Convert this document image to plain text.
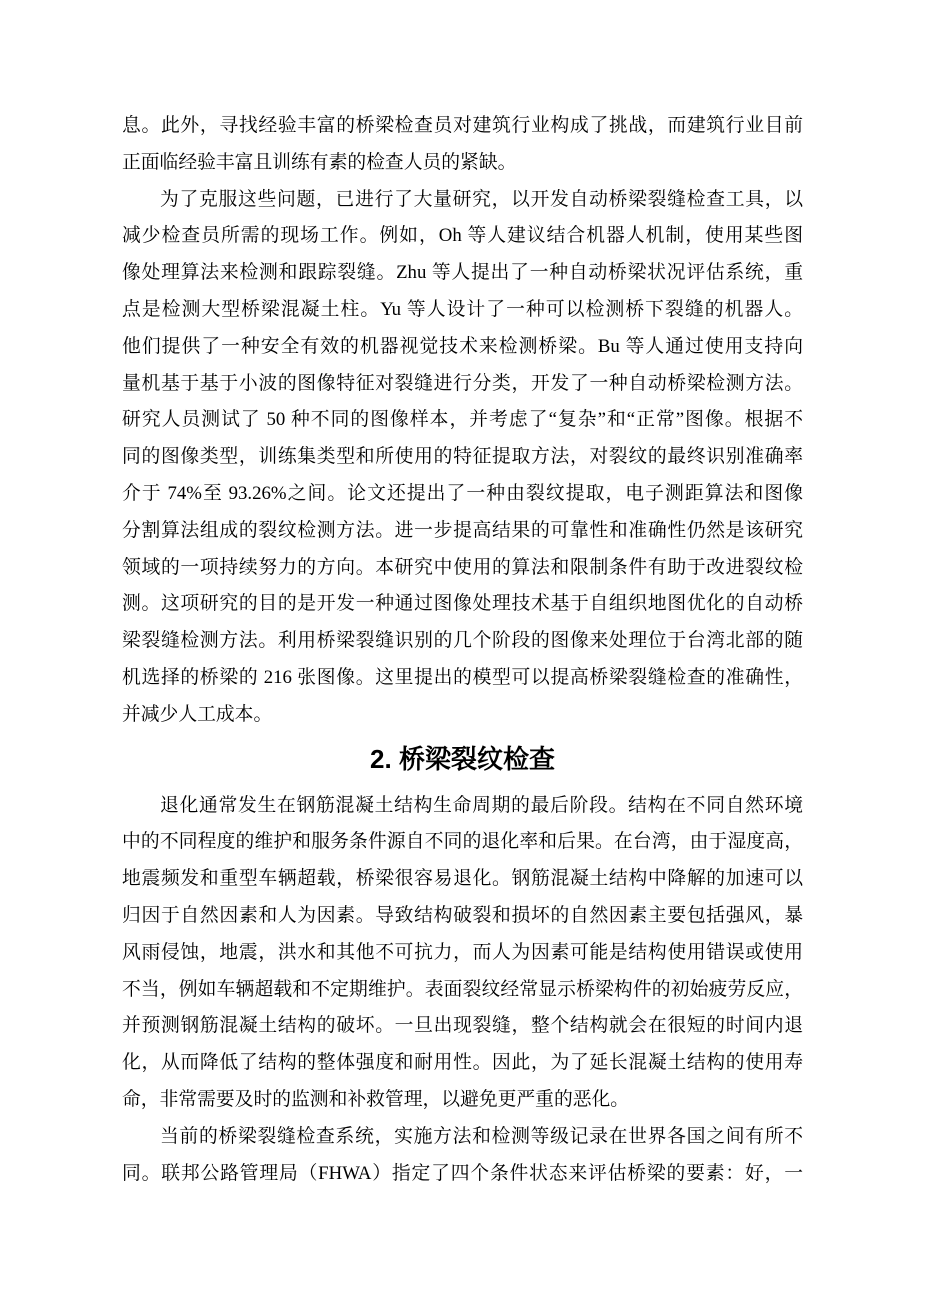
息。此外，寻找经验丰富的桥梁检查员对建筑行业构成了挑战，而建筑行业目前
正面临经验丰富且训练有素的检查人员的紧缺。
为了克服这些问题，已进行了大量研究，以开发自动桥梁裂缝检查工具，以
减少检查员所需的现场工作。例如，Oh 等人建议结合机器人机制，使用某些图
像处理算法来检测和跟踪裂缝。Zhu 等人提出了一种自动桥梁状况评估系统，重
点是检测大型桥梁混凝土柱。Yu 等人设计了一种可以检测桥下裂缝的机器人。
他们提供了一种安全有效的机器视觉技术来检测桥梁。Bu 等人通过使用支持向
量机基于基于小波的图像特征对裂缝进行分类，开发了一种自动桥梁检测方法。
研究人员测试了 50 种不同的图像样本，并考虑了“复杂”和“正常”图像。根据不
同的图像类型，训练集类型和所使用的特征提取方法，对裂纹的最终识别准确率
介于 74%至 93.26%之间。论文还提出了一种由裂纹提取，电子测距算法和图像
分割算法组成的裂纹检测方法。进一步提高结果的可靠性和准确性仍然是该研究
领域的一项持续努力的方向。本研究中使用的算法和限制条件有助于改进裂纹检
测。这项研究的目的是开发一种通过图像处理技术基于自组织地图优化的自动桥
梁裂缝检测方法。利用桥梁裂缝识别的几个阶段的图像来处理位于台湾北部的随
机选择的桥梁的 216 张图像。这里提出的模型可以提高桥梁裂缝检查的准确性，
并减少人工成本。
2. 桥梁裂纹检查
退化通常发生在钢筋混凝土结构生命周期的最后阶段。结构在不同自然环境
中的不同程度的维护和服务条件源自不同的退化率和后果。在台湾，由于湿度高，
地震频发和重型车辆超载，桥梁很容易退化。钢筋混凝土结构中降解的加速可以
归因于自然因素和人为因素。导致结构破裂和损坏的自然因素主要包括强风，暴
风雨侵蚀，地震，洪水和其他不可抗力，而人为因素可能是结构使用错误或使用
不当，例如车辆超载和不定期维护。表面裂纹经常显示桥梁构件的初始疲劳反应，
并预测钢筋混凝土结构的破坏。一旦出现裂缝，整个结构就会在很短的时间内退
化，从而降低了结构的整体强度和耐用性。因此，为了延长混凝土结构的使用寿
命，非常需要及时的监测和补救管理，以避免更严重的恶化。
当前的桥梁裂缝检查系统，实施方法和检测等级记录在世界各国之间有所不
同。联邦公路管理局（FHWA）指定了四个条件状态来评估桥梁的要素：好，一
